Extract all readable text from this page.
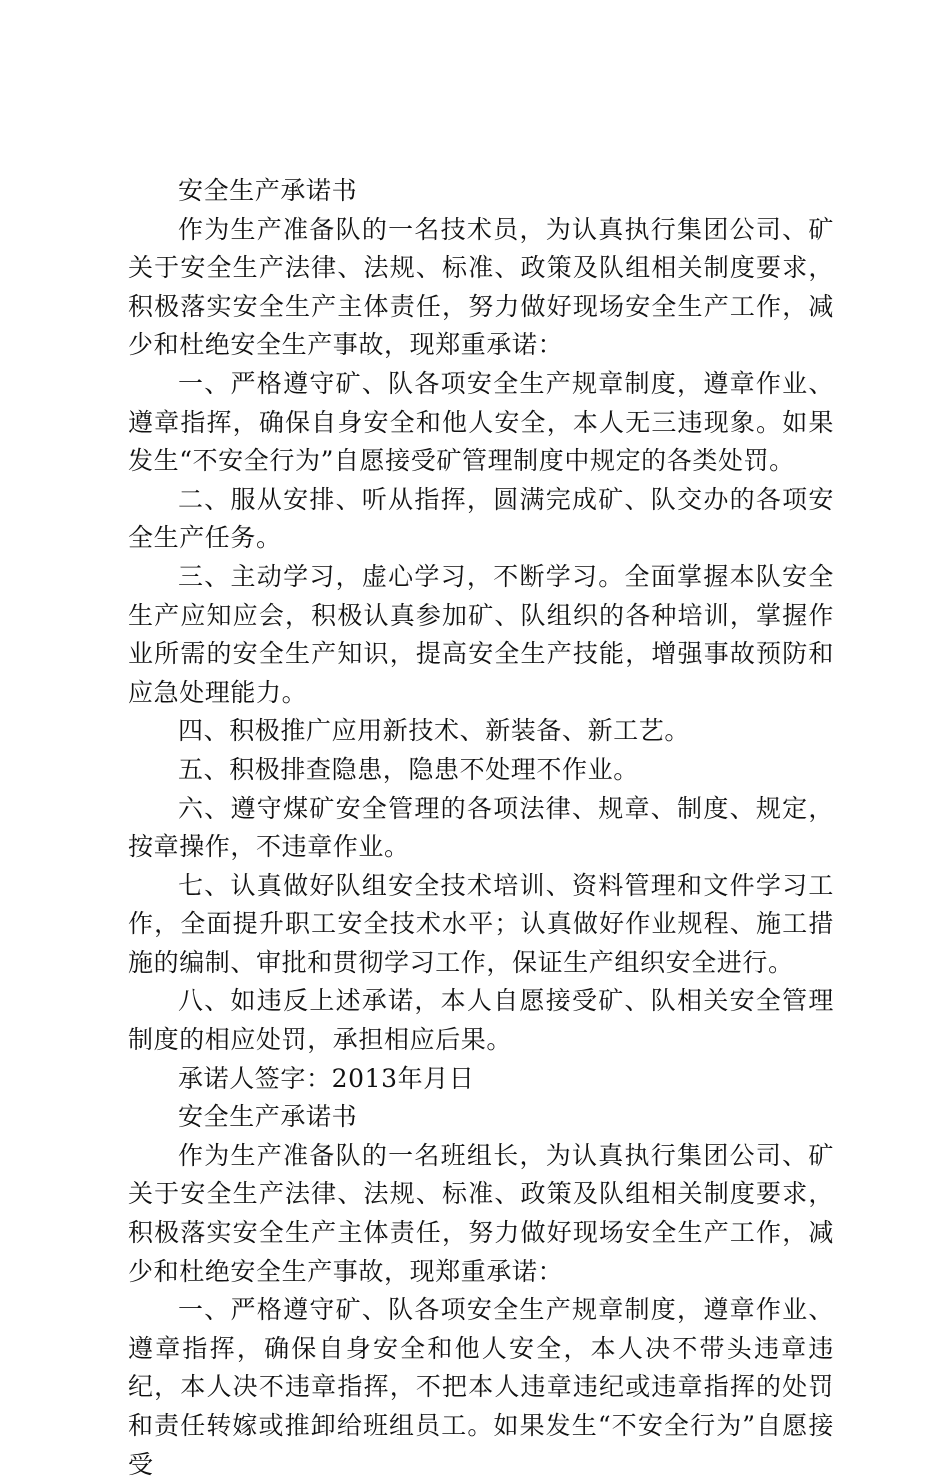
安全生产承诺书

作为生产准备队的一名技术员，为认真执行集团公司、矿关于安全生产法律、法规、标准、政策及队组相关制度要求，积极落实安全生产主体责任，努力做好现场安全生产工作，减少和杜绝安全生产事故，现郑重承诺：

一、严格遵守矿、队各项安全生产规章制度，遵章作业、遵章指挥，确保自身安全和他人安全，本人无三违现象。如果发生“不安全行为”自愿接受矿管理制度中规定的各类处罚。

二、服从安排、听从指挥，圆满完成矿、队交办的各项安全生产任务。

三、主动学习，虚心学习，不断学习。全面掌握本队安全生产应知应会，积极认真参加矿、队组织的各种培训，掌握作业所需的安全生产知识，提高安全生产技能，增强事故预防和应急处理能力。

四、积极推广应用新技术、新装备、新工艺。

五、积极排查隐患，隐患不处理不作业。

六、遵守煤矿安全管理的各项法律、规章、制度、规定，按章操作，不违章作业。

七、认真做好队组安全技术培训、资料管理和文件学习工作，全面提升职工安全技术水平；认真做好作业规程、施工措施的编制、审批和贯彻学习工作，保证生产组织安全进行。

八、如违反上述承诺，本人自愿接受矿、队相关安全管理制度的相应处罚，承担相应后果。

承诺人签字：2013年月日

安全生产承诺书

作为生产准备队的一名班组长，为认真执行集团公司、矿关于安全生产法律、法规、标准、政策及队组相关制度要求，积极落实安全生产主体责任，努力做好现场安全生产工作，减少和杜绝安全生产事故，现郑重承诺：

一、严格遵守矿、队各项安全生产规章制度，遵章作业、遵章指挥，确保自身安全和他人安全，本人决不带头违章违纪，本人决不违章指挥，不把本人违章违纪或违章指挥的处罚和责任转嫁或推卸给班组员工。如果发生“不安全行为”自愿接受
